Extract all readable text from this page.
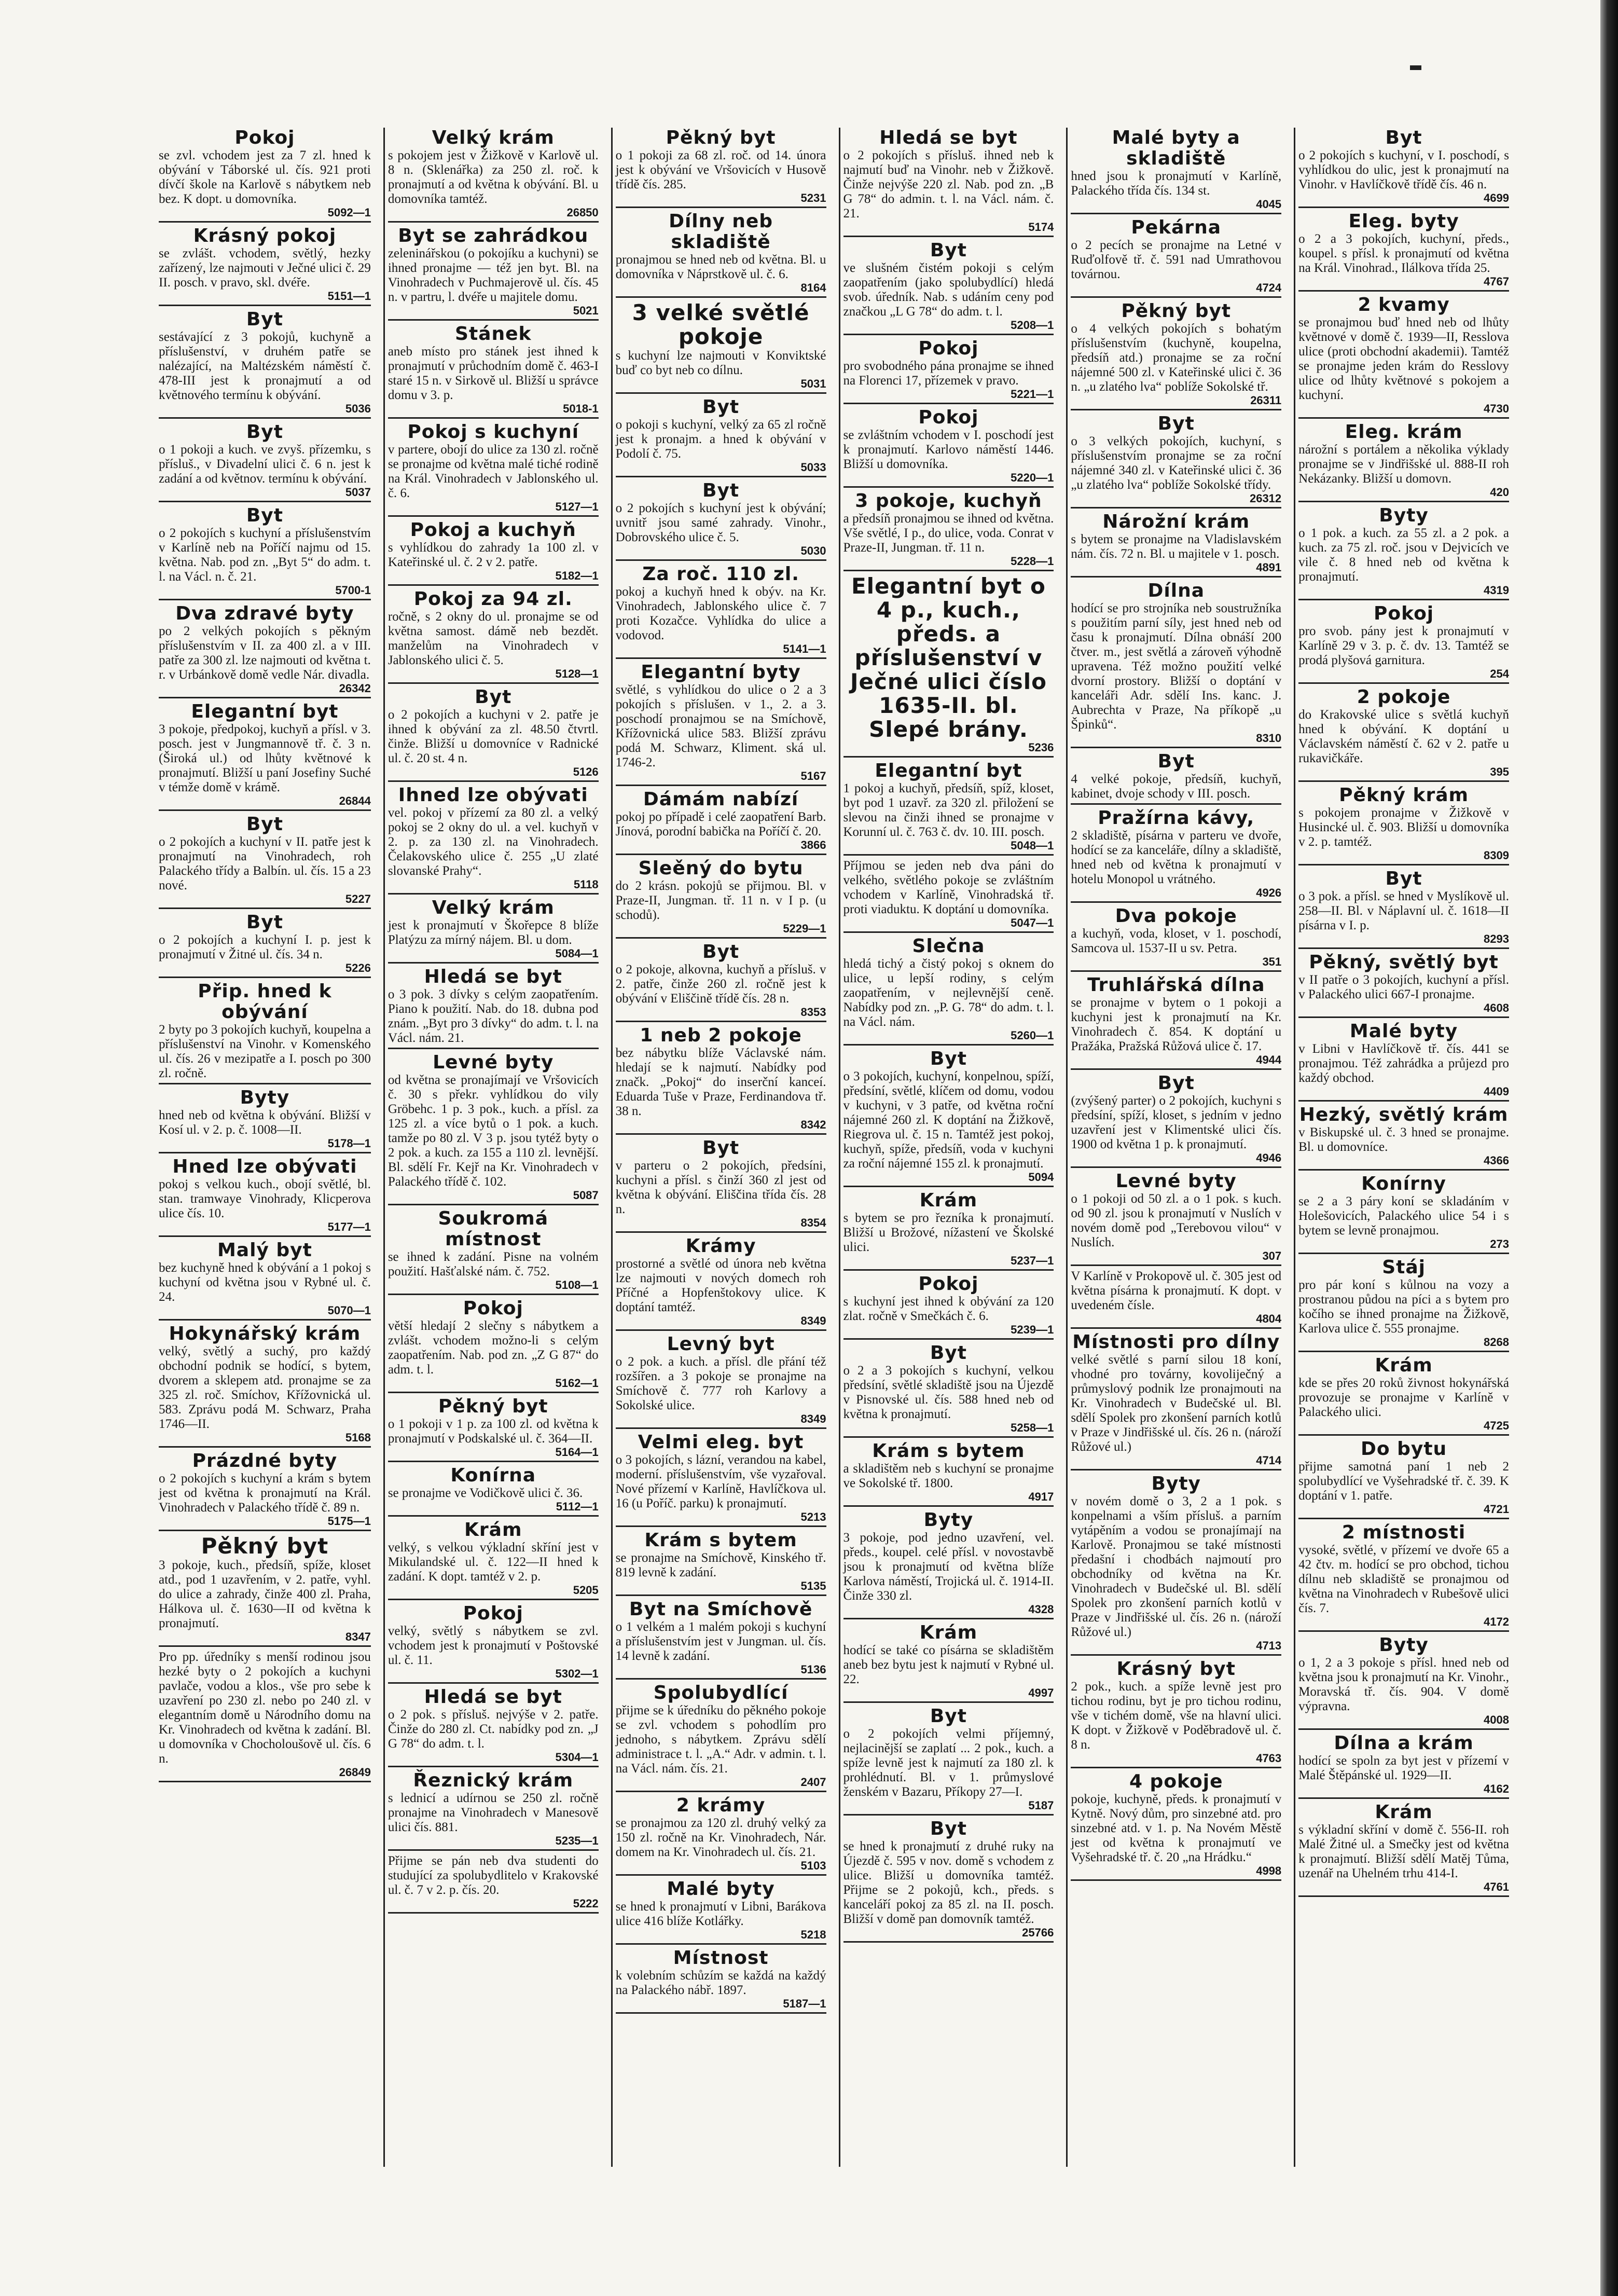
Pokoj

se zvl. vchodem jest za 7 zl. hned k obývání v Táborské ul. čís. 921 proti dívčí škole na Karlově s nábytkem neb bez. K dopt. u domovníka.

5092—1
Krásný pokoj

se zvlášt. vchodem, světlý, hezky zařízený, lze najmouti v Ječné ulici č. 29 II. posch. v pravo, skl. dvéře.

5151—1
Byt

sestávající z 3 pokojů, kuchyně a příslušenství, v druhém patře se nalézající, na Maltézském náměstí č. 478-III jest k pronajmutí a od květnového termínu k obývání.

5036
Byt

o 1 pokoji a kuch. ve zvyš. přízemku, s přísluš., v Divadelní ulici č. 6 n. jest k zadání a od květnov. termínu k obývání.

5037
Byt

o 2 pokojích s kuchyní a příslušenstvím v Karlíně neb na Poříčí najmu od 15. května. Nab. pod zn. „Byt 5“ do adm. t. l. na Václ. n. č. 21.

5700-1
Dva zdravé byty

po 2 velkých pokojích s pěkným příslušenstvím v II. za 400 zl. a v III. patře za 300 zl. lze najmouti od května t. r. v Urbánkově domě vedle Nár. divadla.

26342
Elegantní byt

3 pokoje, předpokoj, kuchyň a přísl. v 3. posch. jest v Jungmannově tř. č. 3 n. (Široká ul.) od lhůty květnové k pronajmutí. Bližší u paní Josefiny Suché v témže domě v krámě.

26844
Byt

o 2 pokojích a kuchyní v II. patře jest k pronajmutí na Vinohradech, roh Palackého třídy a Balbín. ul. čís. 15 a 23 nové.

5227
Byt

o 2 pokojích a kuchyní I. p. jest k pronajmutí v Žitné ul. čís. 34 n.

5226
Přip. hned k obývání

2 byty po 3 pokojích kuchyň, koupelna a příslušenství na Vinohr. v Komenského ul. čís. 26 v mezipatře a I. posch po 300 zl. ročně.

Byty

hned neb od května k obývání. Bližší v Kosí ul. v 2. p. č. 1008—II.

5178—1
Hned lze obývati

pokoj s velkou kuch., obojí světlé, bl. stan. tramwaye Vinohrady, Klicperova ulice čís. 10.

5177—1
Malý byt

bez kuchyně hned k obývání a 1 pokoj s kuchyní od května jsou v Rybné ul. č. 24.

5070—1
Hokynářský krám

velký, světlý a suchý, pro každý obchodní podnik se hodící, s bytem, dvorem a sklepem atd. pronajme se za 325 zl. roč. Smíchov, Křížovnická ul. 583. Zprávu podá M. Schwarz, Praha 1746—II.

5168
Prázdné byty

o 2 pokojích s kuchyní a krám s bytem jest od května k pronajmutí na Král. Vinohradech v Palackého třídě č. 89 n.

5175—1
Pěkný byt

3 pokoje, kuch., předsíň, spíže, kloset atd., pod 1 uzavřením, v 2. patře, vyhl. do ulice a zahrady, činže 400 zl. Praha, Hálkova ul. č. 1630—II od května k pronajmutí.

8347

Pro pp. úředníky s menší rodinou jsou hezké byty o 2 pokojích a kuchyni pavlače, vodou a klos., vše pro sebe k uzavření po 230 zl. nebo po 240 zl. v elegantním domě u Národního domu na Kr. Vinohradech od května k zadání. Bl. u domovníka v Chocholoušově ul. čís. 6 n.

26849
Velký krám

s pokojem jest v Žižkově v Karlově ul. 8 n. (Sklenářka) za 250 zl. roč. k pronajmutí a od května k obývání. Bl. u domovníka tamtéž.

26850
Byt se zahrádkou

zeleninářskou (o pokojíku a kuchyni) se ihned pronajme — též jen byt. Bl. na Vinohradech v Puchmajerově ul. čís. 45 n. v partru, l. dvéře u majitele domu.

5021
Stánek

aneb místo pro stánek jest ihned k pronajmutí v průchodním domě č. 463-I staré 15 n. v Sirkově ul. Bližší u správce domu v 3. p.

5018-1
Pokoj s kuchyní

v partere, obojí do ulice za 130 zl. ročně se pronajme od května malé tiché rodině na Král. Vinohradech v Jablonského ul. č. 6.

5127—1
Pokoj a kuchyň

s vyhlídkou do zahrady 1a 100 zl. v Kateřinské ul. č. 2 v 2. patře.

5182—1
Pokoj za 94 zl.

ročně, s 2 okny do ul. pronajme se od května samost. dámě neb bezdět. manželům na Vinohradech v Jablonského ulici č. 5.

5128—1
Byt

o 2 pokojích a kuchyni v 2. patře je ihned k obývání za zl. 48.50 čtvrtl. činže. Bližší u domovníce v Radnické ul. č. 20 st. 4 n.

5126
Ihned lze obývati

vel. pokoj v přízemí za 80 zl. a velký pokoj se 2 okny do ul. a vel. kuchyň v 2. p. za 130 zl. na Vinohradech. Čelakovského ulice č. 255 „U zlaté slovanské Prahy“.

5118
Velký krám

jest k pronajmutí v Škořepce 8 blíže Platýzu za mírný nájem. Bl. u dom.

5084—1
Hledá se byt

o 3 pok. 3 dívky s celým zaopatřením. Piano k použití. Nab. do 18. dubna pod znám. „Byt pro 3 dívky“ do adm. t. l. na Václ. nám. 21.

Levné byty

od května se pronajímají ve Vršovicích č. 30 s překr. vyhlídkou do vily Gröbehc. 1 p. 3 pok., kuch. a přísl. za 125 zl. a více bytů o 1 pok. a kuch. tamže po 80 zl. V 3 p. jsou tytéž byty o 2 pok. a kuch. za 155 a 110 zl. levnější. Bl. sdělí Fr. Kejř na Kr. Vinohradech v Palackého třídě č. 102.

5087
Soukromá místnost

se ihned k zadání. Pisne na volném použití. Hašťalské nám. č. 752.

5108—1
Pokoj

větší hledají 2 slečny s nábytkem a zvlášt. vchodem možno-li s celým zaopatřením. Nab. pod zn. „Z G 87“ do adm. t. l.

5162—1
Pěkný byt

o 1 pokoji v 1 p. za 100 zl. od května k pronajmutí v Podskalské ul. č. 364—II.

5164—1
Konírna

se pronajme ve Vodičkově ulici č. 36.

5112—1
Krám

velký, s velkou výkladní skříní jest v Mikulandské ul. č. 122—II hned k zadání. K dopt. tamtéž v 2. p.

5205
Pokoj

velký, světlý s nábytkem se zvl. vchodem jest k pronajmutí v Poštovské ul. č. 11.

5302—1
Hledá se byt

o 2 pok. s přísluš. nejvýše v 2. patře. Činže do 280 zl. Ct. nabídky pod zn. „J G 78“ do adm. t. l.

5304—1
Řeznický krám

s lednicí a udírnou se 250 zl. ročně pronajme na Vinohradech v Manesově ulici čís. 881.

5235—1

Přijme se pán neb dva studenti do studující za spolubydlitelo v Krakovské ul. č. 7 v 2. p. čís. 20.

5222
Pěkný byt

o 1 pokoji za 68 zl. roč. od 14. února jest k obývání ve Vršovicích v Husově třídě čís. 285.

5231
Dílny neb skladiště

pronajmou se hned neb od května. Bl. u domovníka v Náprstkově ul. č. 6.

8164
3 velké světlé pokoje

s kuchyní lze najmouti v Konviktské buď co byt neb co dílnu.

5031
Byt

o pokoji s kuchyní, velký za 65 zl ročně jest k pronajm. a hned k obývání v Podolí č. 75.

5033
Byt

o 2 pokojích s kuchyní jest k obývání; uvnitř jsou samé zahrady. Vinohr., Dobrovského ulice č. 5.

5030
Za roč. 110 zl.

pokoj a kuchyň hned k obýv. na Kr. Vinohradech, Jablonského ulice č. 7 proti Kozačce. Vyhlídka do ulice a vodovod.

5141—1
Elegantní byty

světlé, s vyhlídkou do ulice o 2 a 3 pokojích s příslušen. v 1., 2. a 3. poschodí pronajmou se na Smíchově, Křížovnická ulice 583. Bližší zprávu podá M. Schwarz, Kliment. ská ul. 1746-2.

5167
Dámám nabízí

pokoj po případě i celé zaopatření Barb. Jínová, porodní babička na Poříčí č. 20.

3866
Sleěný do bytu

do 2 krásn. pokojů se přijmou. Bl. v Praze-II, Jungman. tř. 11 n. v I p. (u schodů).

5229—1
Byt

o 2 pokoje, alkovna, kuchyň a přísluš. v 2. patře, činže 260 zl. ročně jest k obývání v Eliščině třídě čís. 28 n.

8353
1 neb 2 pokoje

bez nábytku blíže Václavské nám. hledají se k najmutí. Nabídky pod značk. „Pokoj“ do inserční kanceí. Eduarda Tuše v Praze, Ferdinandova tř. 38 n.

8342
Byt

v parteru o 2 pokojích, předsíni, kuchyni a přísl. s činží 360 zl jest od května k obývání. Eliščina třída čís. 28 n.

8354
Krámy

prostorné a světlé od února neb května lze najmouti v nových domech roh Příčné a Hopfenštokovy ulice. K doptání tamtéž.

8349
Levný byt

o 2 pok. a kuch. a přísl. dle přání též rozšířen. a 3 pokoje se pronajme na Smíchově č. 777 roh Karlovy a Sokolské ulice.

8349
Velmi eleg. byt

o 3 pokojích, s lázní, verandou na kabel, moderní. příslušenstvím, vše vyzařoval. Nové přízemí v Karlíně, Havlíčkova ul. 16 (u Poříč. parku) k pronajmutí.

5213
Krám s bytem

se pronajme na Smíchově, Kinského tř. 819 levně k zadání.

5135
Byt na Smíchově

o 1 velkém a 1 malém pokoji s kuchyní a příslušenstvím jest v Jungman. ul. čís. 14 levně k zadání.

5136
Spolubydlící

přijme se k úředníku do pěkného pokoje se zvl. vchodem s pohodlím pro jednoho, s nábytkem. Zprávu sdělí administrace t. l. „A.“ Adr. v admin. t. l. na Václ. nám. čís. 21.

2407
2 krámy

se pronajmou za 120 zl. druhý velký za 150 zl. ročně na Kr. Vinohradech, Nár. domem na Kr. Vinohradech ul. čís. 21.

5103
Malé byty

se hned k pronajmutí v Libni, Barákova ulice 416 blíže Kotlářky.

5218
Místnost

k volebním schůzím se každá na každý na Palackého nábř. 1897.

5187—1
Hledá se byt

o 2 pokojích s přísluš. ihned neb k najmutí buď na Vinohr. neb v Žižkově. Činže nejvýše 220 zl. Nab. pod zn. „B G 78“ do admin. t. l. na Václ. nám. č. 21.

5174
Byt

ve slušném čistém pokoji s celým zaopatřením (jako spolubydlící) hledá svob. úředník. Nab. s udáním ceny pod značkou „L G 78“ do adm. t. l.

5208—1
Pokoj

pro svobodného pána pronajme se ihned na Florenci 17, přízemek v pravo.

5221—1
Pokoj

se zvláštním vchodem v I. poschodí jest k pronajmutí. Karlovo náměstí 1446. Bližší u domovníka.

5220—1
3 pokoje, kuchyň

a předsíň pronajmou se ihned od května. Vše světlé, I p., do ulice, voda. Conrat v Praze-II, Jungman. tř. 11 n.

5228—1
Elegantní byt o 4 p., kuch., předs. a příslušenství v Ječné ulici číslo 1635-II. bl. Slepé brány.
5236
Elegantní byt

1 pokoj a kuchyň, předsíň, spíž, kloset, byt pod 1 uzavř. za 320 zl. přiložení se slevou na činži ihned se pronajme v Korunní ul. č. 763 č. dv. 10. III. posch.

5048—1

Příjmou se jeden neb dva páni do velkého, světlého pokoje se zvláštním vchodem v Karlíně, Vinohradská tř. proti viaduktu. K doptání u domovníka.

5047—1
Slečna

hledá tichý a čistý pokoj s oknem do ulice, u lepší rodiny, s celým zaopatřením, v nejlevnější ceně. Nabídky pod zn. „P. G. 78“ do adm. t. l. na Václ. nám.

5260—1
Byt

o 3 pokojích, kuchyní, konpelnou, spíží, předsíní, světlé, klíčem od domu, vodou v kuchyni, v 3 patře, od května roční nájemné 260 zl. K doptání na Žižkově, Riegrova ul. č. 15 n. Tamtéž jest pokoj, kuchyň, spíže, předsíň, voda v kuchyni za roční nájemné 155 zl. k pronajmutí.

5094
Krám

s bytem se pro řezníka k pronajmutí. Bližší u Brožové, nížastení ve Školské ulici.

5237—1
Pokoj

s kuchyní jest ihned k obývání za 120 zlat. ročně v Smečkách č. 6.

5239—1
Byt

o 2 a 3 pokojích s kuchyní, velkou předsíní, světlé skladiště jsou na Újezdě v Pisnovské ul. čís. 588 hned neb od května k pronajmutí.

5258—1
Krám s bytem

a skladištěm neb s kuchyní se pronajme ve Sokolské tř. 1800.

4917
Byty

3 pokoje, pod jedno uzavření, vel. předs., koupel. celé přísl. v novostavbě jsou k pronajmutí od května blíže Karlova náměstí, Trojická ul. č. 1914-II. Činže 330 zl.

4328
Krám

hodící se také co písárna se skladištěm aneb bez bytu jest k najmutí v Rybné ul. 22.

4997
Byt

o 2 pokojích velmi příjemný, nejlacinější se zaplatí ... 2 pok., kuch. a spíže levně jest k najmutí za 180 zl. k prohlédnutí. Bl. v 1. průmyslové ženském v Bazaru, Příkopy 27—I.

5187
Byt

se hned k pronajmutí z druhé ruky na Újezdě č. 595 v nov. domě s vchodem z ulice. Bližší u domovníka tamtéž. Přijme se 2 pokojů, kch., předs. s kanceláří pokoj za 85 zl. na II. posch. Bližší v domě pan domovník tamtéž.

25766
Malé byty a skladiště

hned jsou k pronajmutí v Karlíně, Palackého třída čís. 134 st.

4045
Pekárna

o 2 pecích se pronajme na Letné v Ruďolfově tř. č. 591 nad Umrathovou továrnou.

4724
Pěkný byt

o 4 velkých pokojích s bohatým příslušenstvím (kuchyně, koupelna, předsíň atd.) pronajme se za roční nájemné 500 zl. v Kateřinské ulici č. 36 n. „u zlatého lva“ poblíže Sokolské tř.

26311
Byt

o 3 velkých pokojích, kuchyní, s příslušenstvím pronajme se za roční nájemné 340 zl. v Kateřinské ulici č. 36 „u zlatého lva“ poblíže Sokolské třídy.

26312
Nárožní krám

s bytem se pronajme na Vladislavském nám. čís. 72 n. Bl. u majitele v 1. posch.

4891
Dílna

hodící se pro strojníka neb soustružníka s použitím parní síly, jest hned neb od času k pronajmutí. Dílna obnáší 200 čtver. m., jest světlá a zároveň výhodně upravena. Též možno použití velké dvorní prostory. Bližší o doptání v kanceláři Adr. sdělí Ins. kanc. J. Aubrechta v Praze, Na příkopě „u Špinků“.

8310
Byt

4 velké pokoje, předsíň, kuchyň, kabinet, dvoje schody v III. posch.

Pražírna kávy,

2 skladiště, písárna v parteru ve dvoře, hodící se za kanceláře, dílny a skladiště, hned neb od května k pronajmutí v hotelu Monopol u vrátného.

4926
Dva pokoje

a kuchyň, voda, kloset, v 1. poschodí, Samcova ul. 1537-II u sv. Petra.

351
Truhlářská dílna

se pronajme v bytem o 1 pokoji a kuchyni jest k pronajmutí na Kr. Vinohradech č. 854. K doptání u Pražáka, Pražská Růžová ulice č. 17.

4944
Byt

(zvýšený parter) o 2 pokojích, kuchyni s předsíní, spíží, kloset, s jedním v jedno uzavření jest v Klimentské ulici čís. 1900 od května 1 p. k pronajmutí.

4946
Levné byty

o 1 pokoji od 50 zl. a o 1 pok. s kuch. od 90 zl. jsou k pronajmutí v Nuslích v novém domě pod „Terebovou vilou“ v Nuslích.

307

V Karlíně v Prokopově ul. č. 305 jest od května písárna k pronajmutí. K dopt. v uvedeném čísle.

4804
Místnosti pro dílny

velké světlé s parní silou 18 koní, vhodné pro továrny, kovoliječný a průmyslový podnik lze pronajmouti na Kr. Vinohradech v Budečské ul. Bl. sdělí Spolek pro zkonšení parních kotlů v Praze v Jindřišské ul. čís. 26 n. (nároží Růžové ul.)

4714
Byty

v novém domě o 3, 2 a 1 pok. s konpelnami a vším přísluš. a parním vytápěním a vodou se pronajímají na Karlově. Pronajmou se také místnosti předašní i chodbách najmoutí pro obchodníky od května na Kr. Vinohradech v Budečské ul. Bl. sdělí Spolek pro zkonšení parních kotlů v Praze v Jindřišské ul. čís. 26 n. (nároží Růžové ul.)

4713
Krásný byt

2 pok., kuch. a spíže levně jest pro tichou rodinu, byt je pro tichou rodinu, vše v tichém domě, vše na hlavní ulici. K dopt. v Žižkově v Poděbradově ul. č. 8 n.

4763
4 pokoje

pokoje, kuchyně, předs. k pronajmutí v Kytně. Nový dům, pro sinzebné atd. pro sinzebné atd. v 1. p. Na Novém Městě jest od května k pronajmutí ve Vyšehradské tř. č. 20 „na Hrádku.“

4998
Byt

o 2 pokojích s kuchyní, v I. poschodí, s vyhlídkou do ulic, jest k pronajmutí na Vinohr. v Havlíčkově třídě čís. 46 n.

4699
Eleg. byty

o 2 a 3 pokojích, kuchyní, předs., koupel. s přísl. k pronajmutí od května na Král. Vinohrad., Ilálkova třída 25.

4767
2 kvamy

se pronajmou buď hned neb od lhůty květnové v domě č. 1939—II, Resslova ulice (proti obchodní akademii). Tamtéž se pronajme jeden krám do Resslovy ulice od lhůty květnové s pokojem a kuchyní.

4730
Eleg. krám

nárožní s portálem a několika výklady pronajme se v Jindřišské ul. 888-II roh Nekázanky. Bližší u domovn.

420
Byty

o 1 pok. a kuch. za 55 zl. a 2 pok. a kuch. za 75 zl. roč. jsou v Dejvicích ve vile č. 8 hned neb od května k pronajmutí.

4319
Pokoj

pro svob. pány jest k pronajmutí v Karlíně 29 v 3. p. č. dv. 13. Tamtéž se prodá plyšová garnitura.

254
2 pokoje

do Krakovské ulice s světlá kuchyň hned k obývání. K doptání u Václavském náměstí č. 62 v 2. patře u rukavičkáře.

395
Pěkný krám

s pokojem pronajme v Žižkově v Husincké ul. č. 903. Bližší u domovníka v 2. p. tamtéž.

8309
Byt

o 3 pok. a přísl. se hned v Myslíkově ul. 258—II. Bl. v Náplavní ul. č. 1618—II písárna v I. p.

8293
Pěkný, světlý byt

v II patře o 3 pokojích, kuchyní a přísl. v Palackého ulici 667-I pronajme.

4608
Malé byty

v Libni v Havlíčkově tř. čís. 441 se pronajmou. Též zahrádka a průjezd pro každý obchod.

4409
Hezký, světlý krám

v Biskupské ul. č. 3 hned se pronajme. Bl. u domovníce.

4366
Konírny

se 2 a 3 páry koní se skladáním v Holešovicích, Palackého ulice 54 i s bytem se levně pronajmou.

273
Stáj

pro pár koní s kůlnou na vozy a prostranou půdou na píci a s bytem pro kočího se ihned pronajme na Žižkově, Karlova ulice č. 555 pronajme.

8268
Krám

kde se přes 20 roků živnost hokynářská provozuje se pronajme v Karlíně v Palackého ulici.

4725
Do bytu

přijme samotná paní 1 neb 2 spolubydlící ve Vyšehradské tř. č. 39. K doptání v 1. patře.

4721
2 místnosti

vysoké, světlé, v přízemí ve dvoře 65 a 42 čtv. m. hodící se pro obchod, tichou dílnu neb skladiště se pronajmou od května na Vinohradech v Rubešově ulici čís. 7.

4172
Byty

o 1, 2 a 3 pokoje s přísl. hned neb od května jsou k pronajmutí na Kr. Vinohr., Moravská tř. čís. 904. V domě výpravna.

4008
Dílna a krám

hodící se spoln za byt jest v přízemí v Malé Štěpánské ul. 1929—II.

4162
Krám

s výkladní skříní v domě č. 556-II. roh Malé Žitné ul. a Smečky jest od května k pronajmutí. Bližší sdělí Matěj Tůma, uzenář na Uhelném trhu 414-I.

4761
